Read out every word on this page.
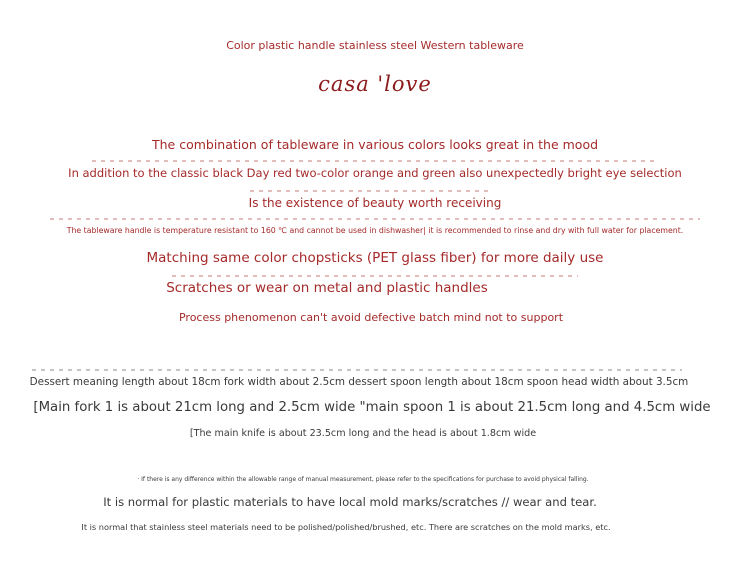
Color plastic handle stainless steel Western tableware
casa 'love
The combination of tableware in various colors looks great in the mood
In addition to the classic black Day red two-color orange and green also unexpectedly bright eye selection
Is the existence of beauty worth receiving
The tableware handle is temperature resistant to 160 ℃ and cannot be used in dishwasher| it is recommended to rinse and dry with full water for placement.
Matching same color chopsticks (PET glass fiber) for more daily use
Scratches or wear on metal and plastic handles
Process phenomenon can't avoid defective batch mind not to support
Dessert meaning length about 18cm fork width about 2.5cm dessert spoon length about 18cm spoon head width about 3.5cm
[Main fork 1 is about 21cm long and 2.5cm wide "main spoon 1 is about 21.5cm long and 4.5cm wide
[The main knife is about 23.5cm long and the head is about 1.8cm wide
· If there is any difference within the allowable range of manual measurement, please refer to the specifications for purchase to avoid physical falling.
It is normal for plastic materials to have local mold marks/scratches // wear and tear.
It is normal that stainless steel materials need to be polished/polished/brushed, etc. There are scratches on the mold marks, etc.
